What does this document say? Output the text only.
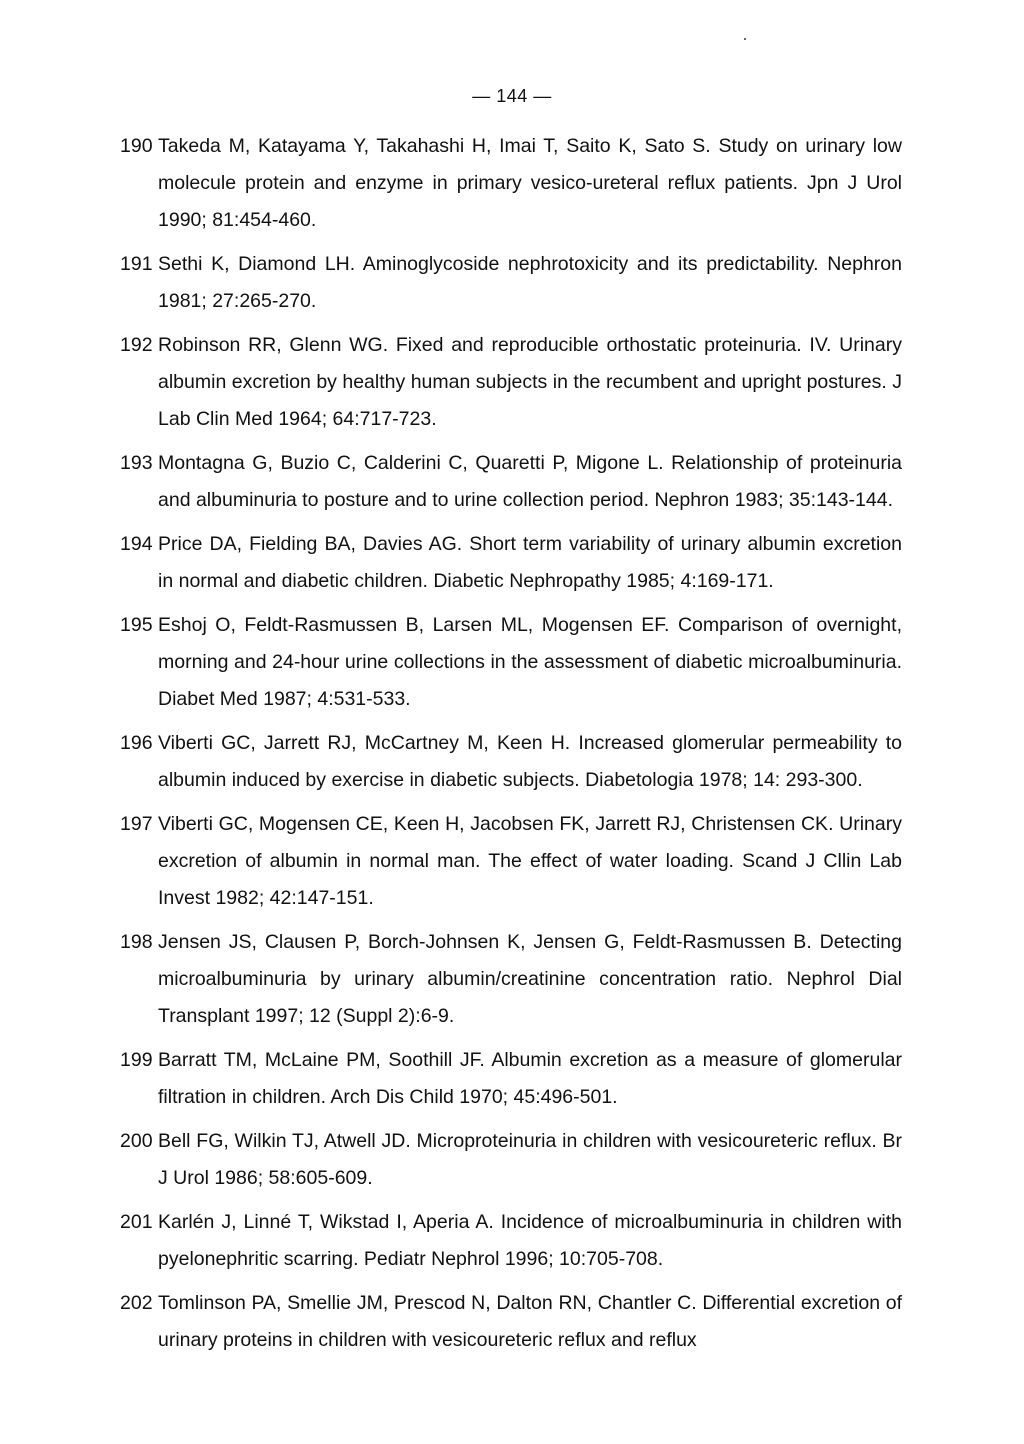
— 144 —
190 Takeda M, Katayama Y, Takahashi H, Imai T, Saito K, Sato S. Study on urinary low molecule protein and enzyme in primary vesico-ureteral reflux patients. Jpn J Urol 1990; 81:454-460.
191 Sethi K, Diamond LH. Aminoglycoside nephrotoxicity and its predictability. Nephron 1981; 27:265-270.
192 Robinson RR, Glenn WG. Fixed and reproducible orthostatic proteinuria. IV. Urinary albumin excretion by healthy human subjects in the recumbent and upright postures. J Lab Clin Med 1964; 64:717-723.
193 Montagna G, Buzio C, Calderini C, Quaretti P, Migone L. Relationship of proteinuria and albuminuria to posture and to urine collection period. Nephron 1983; 35:143-144.
194 Price DA, Fielding BA, Davies AG. Short term variability of urinary albumin excretion in normal and diabetic children. Diabetic Nephropathy 1985; 4:169-171.
195 Eshoj O, Feldt-Rasmussen B, Larsen ML, Mogensen EF. Comparison of overnight, morning and 24-hour urine collections in the assessment of diabetic microalbuminuria. Diabet Med 1987; 4:531-533.
196 Viberti GC, Jarrett RJ, McCartney M, Keen H. Increased glomerular permeability to albumin induced by exercise in diabetic subjects. Diabetologia 1978; 14: 293-300.
197 Viberti GC, Mogensen CE, Keen H, Jacobsen FK, Jarrett RJ, Christensen CK. Urinary excretion of albumin in normal man. The effect of water loading. Scand J Cllin Lab Invest 1982; 42:147-151.
198 Jensen JS, Clausen P, Borch-Johnsen K, Jensen G, Feldt-Rasmussen B. Detecting microalbuminuria by urinary albumin/creatinine concentration ratio. Nephrol Dial Transplant 1997; 12 (Suppl 2):6-9.
199 Barratt TM, McLaine PM, Soothill JF. Albumin excretion as a measure of glomerular filtration in children. Arch Dis Child 1970; 45:496-501.
200 Bell FG, Wilkin TJ, Atwell JD. Microproteinuria in children with vesicoureteric reflux. Br J Urol 1986; 58:605-609.
201 Karlén J, Linné T, Wikstad I, Aperia A. Incidence of microalbuminuria in children with pyelonephritic scarring. Pediatr Nephrol 1996; 10:705-708.
202 Tomlinson PA, Smellie JM, Prescod N, Dalton RN, Chantler C. Differential excretion of urinary proteins in children with vesicoureteric reflux and reflux
